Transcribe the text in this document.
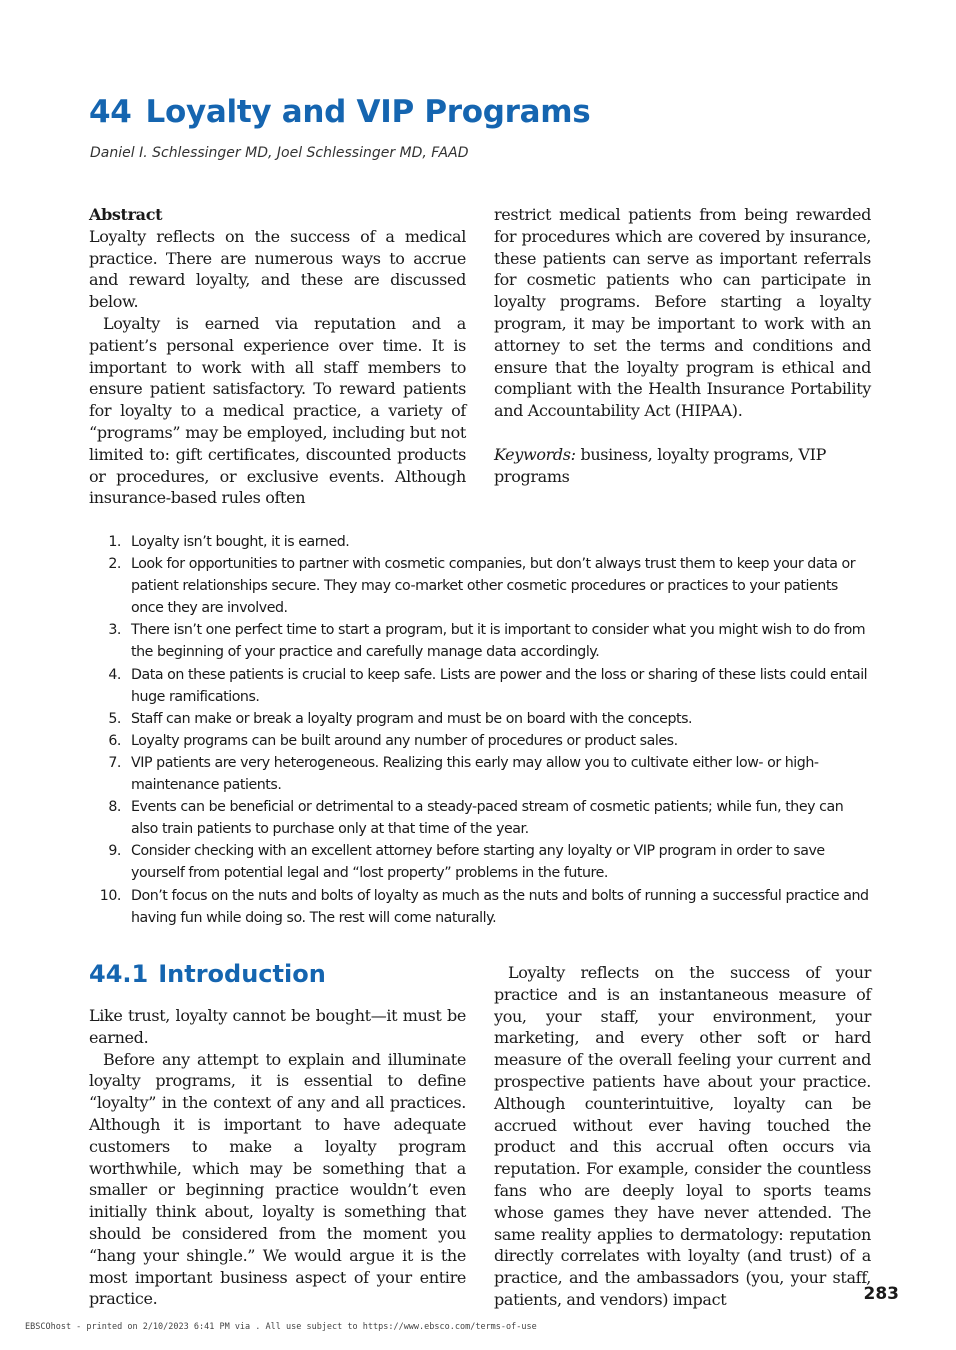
44 Loyalty and VIP Programs
Daniel I. Schlessinger MD, Joel Schlessinger MD, FAAD
Abstract

Loyalty reflects on the success of a medical practice. There are numerous ways to accrue and reward loyalty, and these are discussed below.

Loyalty is earned via reputation and a patient’s personal experience over time. It is important to work with all staff members to ensure patient satisfactory. To reward patients for loyalty to a medical practice, a variety of “programs” may be employed, including but not limited to: gift certificates, discounted products or procedures, or exclusive events. Although insurance-based rules often

restrict medical patients from being rewarded for procedures which are covered by insurance, these patients can serve as important referrals for cosmetic patients who can participate in loyalty programs. Before starting a loyalty program, it may be important to work with an attorney to set the terms and conditions and ensure that the loyalty program is ethical and compliant with the Health Insurance Portability and Accountability Act (HIPAA).

Keywords: business, loyalty programs, VIP programs

1. Loyalty isn’t bought, it is earned.
2. Look for opportunities to partner with cosmetic companies, but don’t always trust them to keep your data or patient relationships secure. They may co-market other cosmetic procedures or practices to your patients once they are involved.
3. There isn’t one perfect time to start a program, but it is important to consider what you might wish to do from the beginning of your practice and carefully manage data accordingly.
4. Data on these patients is crucial to keep safe. Lists are power and the loss or sharing of these lists could entail huge ramifications.
5. Staff can make or break a loyalty program and must be on board with the concepts.
6. Loyalty programs can be built around any number of procedures or product sales.
7. VIP patients are very heterogeneous. Realizing this early may allow you to cultivate either low- or high-maintenance patients.
8. Events can be beneficial or detrimental to a steady-paced stream of cosmetic patients; while fun, they can also train patients to purchase only at that time of the year.
9. Consider checking with an excellent attorney before starting any loyalty or VIP program in order to save yourself from potential legal and “lost property” problems in the future.
10. Don’t focus on the nuts and bolts of loyalty as much as the nuts and bolts of running a successful practice and having fun while doing so. The rest will come naturally.
44.1 Introduction

Like trust, loyalty cannot be bought—it must be earned.

Before any attempt to explain and illuminate loyalty programs, it is essential to define “loyalty” in the context of any and all practices. Although it is important to have adequate customers to make a loyalty program worthwhile, which may be something that a smaller or beginning practice wouldn’t even initially think about, loyalty is something that should be considered from the moment you “hang your shingle.” We would argue it is the most important business aspect of your entire practice.

Loyalty reflects on the success of your practice and is an instantaneous measure of you, your staff, your environment, your marketing, and every other soft or hard measure of the overall feeling your current and prospective patients have about your practice. Although counterintuitive, loyalty can be accrued without ever having touched the product and this accrual often occurs via reputation. For example, consider the countless fans who are deeply loyal to sports teams whose games they have never attended. The same reality applies to dermatology: reputation directly correlates with loyalty (and trust) of a practice, and the ambassadors (you, your staff, patients, and vendors) impact	283
EBSCOhost - printed on 2/10/2023 6:41 PM via . All use subject to https://www.ebsco.com/terms-of-use
